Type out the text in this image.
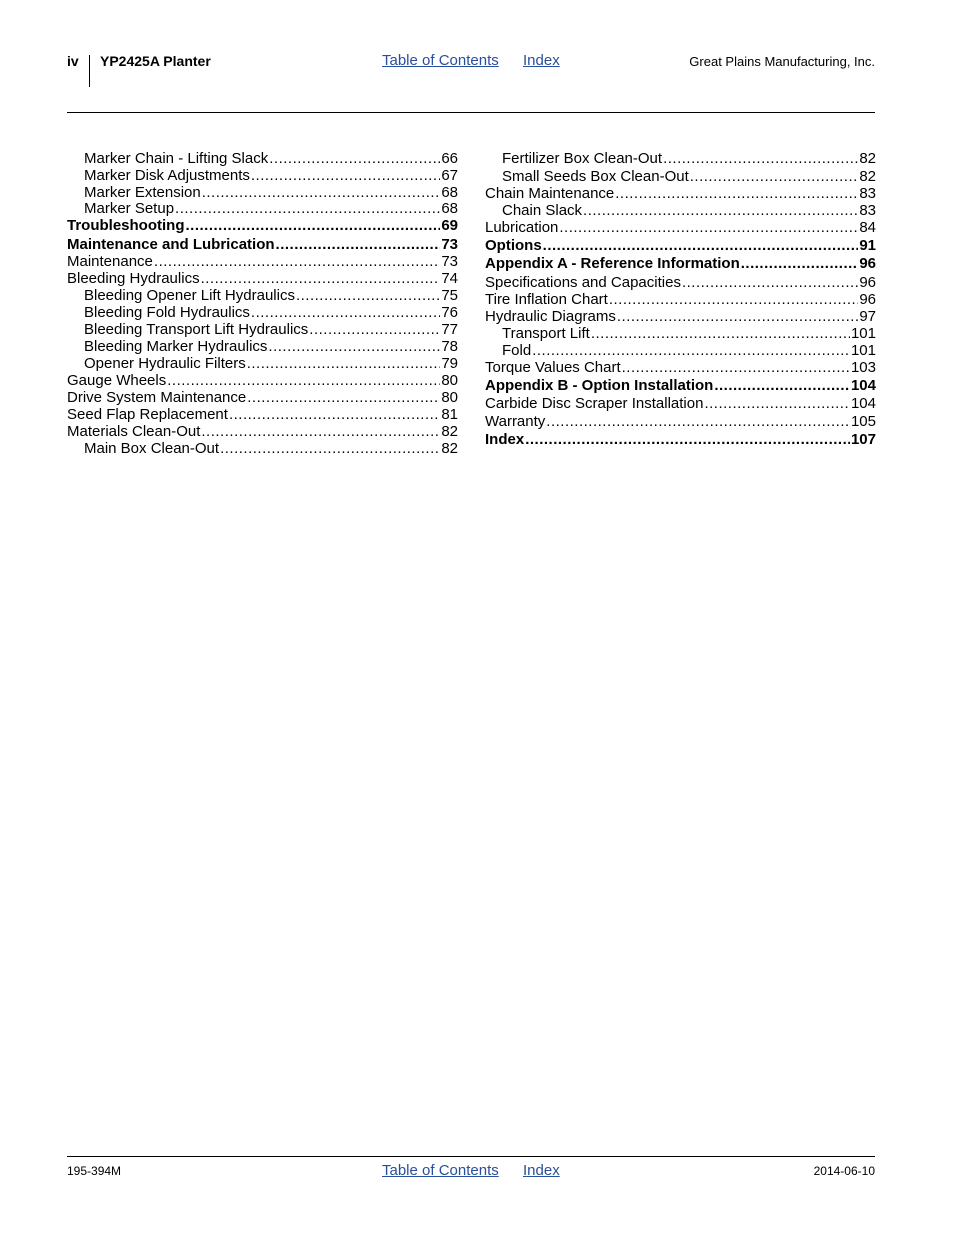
iv YP2425A Planter	Table of Contents Index	Great Plains Manufacturing, Inc.
Marker Chain - Lifting Slack .....	66
Marker Disk Adjustments .....	67
Marker Extension .....	68
Marker Setup .....	68
Troubleshooting .....	69
Maintenance and Lubrication .....	73
Maintenance .....	73
Bleeding Hydraulics .....	74
Bleeding Opener Lift Hydraulics .....	75
Bleeding Fold Hydraulics .....	76
Bleeding Transport Lift Hydraulics .....	77
Bleeding Marker Hydraulics .....	78
Opener Hydraulic Filters .....	79
Gauge Wheels .....	80
Drive System Maintenance .....	80
Seed Flap Replacement .....	81
Materials Clean-Out .....	82
Main Box Clean-Out .....	82
Fertilizer Box Clean-Out .....	82
Small Seeds Box Clean-Out .....	82
Chain Maintenance .....	83
Chain Slack .....	83
Lubrication .....	84
Options .....	91
Appendix A - Reference Information .....	96
Specifications and Capacities .....	96
Tire Inflation Chart .....	96
Hydraulic Diagrams .....	97
Transport Lift .....	101
Fold .....	101
Torque Values Chart .....	103
Appendix B - Option Installation .....	104
Carbide Disc Scraper Installation .....	104
Warranty .....	105
Index .....	107
195-394M	Table of Contents Index	2014-06-10
